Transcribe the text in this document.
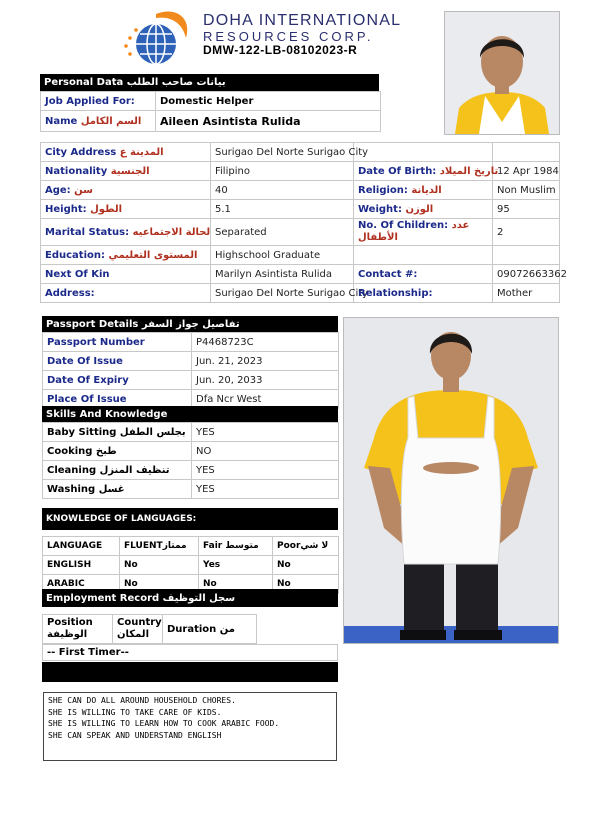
DOHA INTERNATIONAL
RESOURCES CORP.
DMW-122-LB-08102023-R
Personal Data بيانات صاحب الطلب
Job Applied For:	Domestic Helper
Name السم الكامل	Aileen Asintista Rulida
City Address المدينة ع	Surigao Del Norte Surigao City		
Nationality الجنسية	Filipino	Date Of Birth: تاريخ الميلاد	12 Apr 1984
Age: سن	40	Religion: الديانة	Non Muslim
Height: الطول	5.1	Weight: الوزن	95
Marital Status: لحالة الاجتماعيه	Separated	No. Of Children: عدد الأطفال	2
Education: المستوى التعليمي	Highschool Graduate		
Next Of Kin	Marilyn Asintista Rulida	Contact #:	09072663362
Address:	Surigao Del Norte Surigao City	Relationship:	Mother
Passport Details تفاصيل جواز السفر
Passport Number	P4468723C
Date Of Issue	Jun. 21, 2023
Date Of Expiry	Jun. 20, 2033
Place Of Issue	Dfa Ncr West
Skills And Knowledge
Baby Sitting بجلس الطفل	YES
Cooking طبخ	NO
Cleaning تنظيف المنزل	YES
Washing غسل	YES
KNOWLEDGE OF LANGUAGES:
LANGUAGE	FLUENTممتاز	Fair متوسط	Poorلا شي
ENGLISH	No	Yes	No
ARABIC	No	No	No
Employment Record سجل التوظيف
Position الوظيفة	Country المكان	Duration من
-- First Timer--
SHE CAN DO ALL AROUND HOUSEHOLD CHORES.
SHE IS WILLING TO TAKE CARE OF KIDS.
SHE IS WILLING TO LEARN HOW TO COOK ARABIC FOOD.
SHE CAN SPEAK AND UNDERSTAND ENGLISH
